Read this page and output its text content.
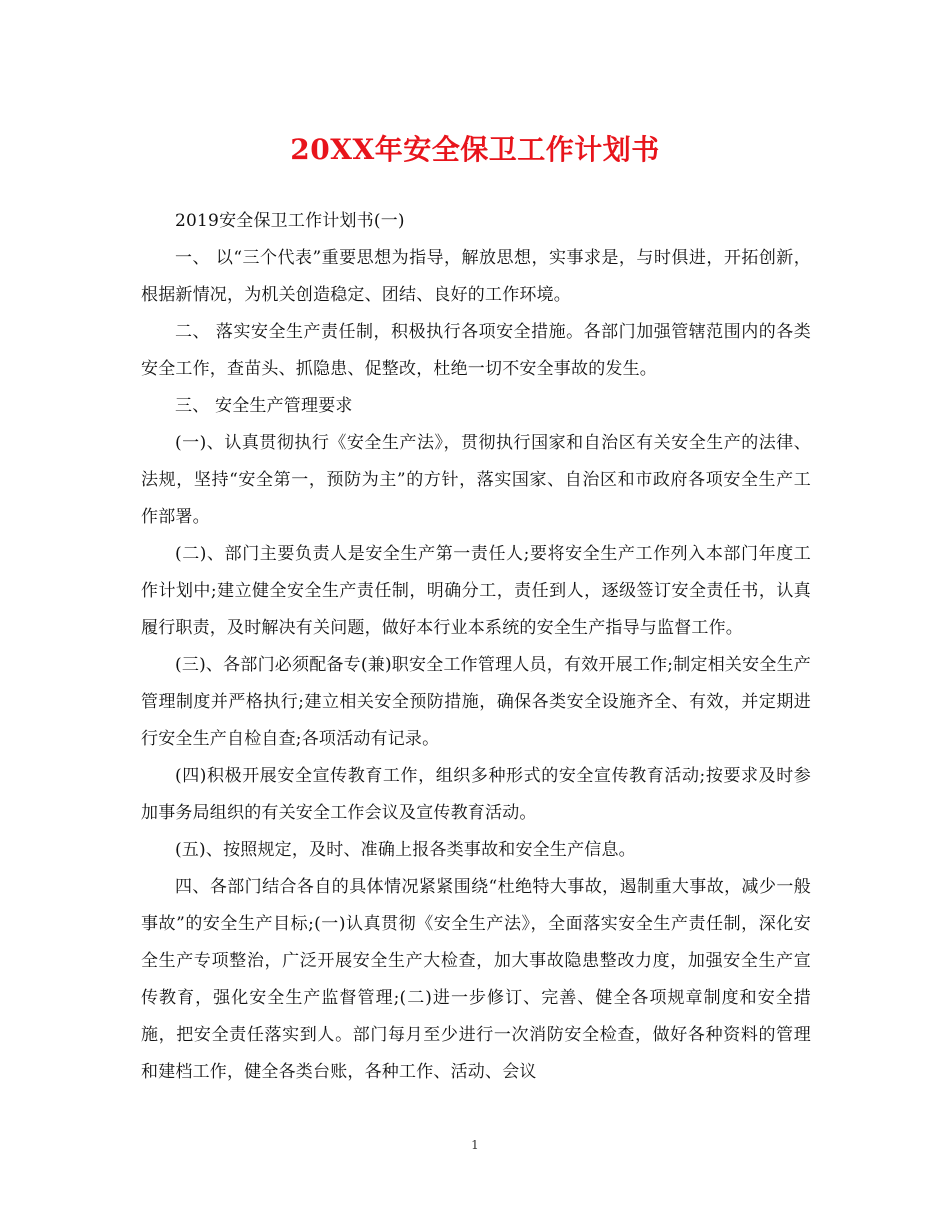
20XX年安全保卫工作计划书

2019安全保卫工作计划书(一)

一、 以“三个代表”重要思想为指导，解放思想，实事求是，与时俱进，开拓创新，根据新情况，为机关创造稳定、团结、良好的工作环境。

二、 落实安全生产责任制，积极执行各项安全措施。各部门加强管辖范围内的各类安全工作，查苗头、抓隐患、促整改，杜绝一切不安全事故的发生。

三、 安全生产管理要求

(一)、认真贯彻执行《安全生产法》，贯彻执行国家和自治区有关安全生产的法律、法规，坚持“安全第一，预防为主”的方针，落实国家、自治区和市政府各项安全生产工作部署。

(二)、部门主要负责人是安全生产第一责任人;要将安全生产工作列入本部门年度工作计划中;建立健全安全生产责任制，明确分工，责任到人，逐级签订安全责任书，认真履行职责，及时解决有关问题，做好本行业本系统的安全生产指导与监督工作。

(三)、各部门必须配备专(兼)职安全工作管理人员，有效开展工作;制定相关安全生产管理制度并严格执行;建立相关安全预防措施，确保各类安全设施齐全、有效，并定期进行安全生产自检自查;各项活动有记录。

(四)积极开展安全宣传教育工作，组织多种形式的安全宣传教育活动;按要求及时参加事务局组织的有关安全工作会议及宣传教育活动。

(五)、按照规定，及时、准确上报各类事故和安全生产信息。

四、各部门结合各自的具体情况紧紧围绕“杜绝特大事故，遏制重大事故，减少一般事故”的安全生产目标;(一)认真贯彻《安全生产法》，全面落实安全生产责任制，深化安全生产专项整治，广泛开展安全生产大检查，加大事故隐患整改力度，加强安全生产宣传教育，强化安全生产监督管理;(二)进一步修订、完善、健全各项规章制度和安全措施，把安全责任落实到人。部门每月至少进行一次消防安全检查，做好各种资料的管理和建档工作，健全各类台账，各种工作、活动、会议

1
